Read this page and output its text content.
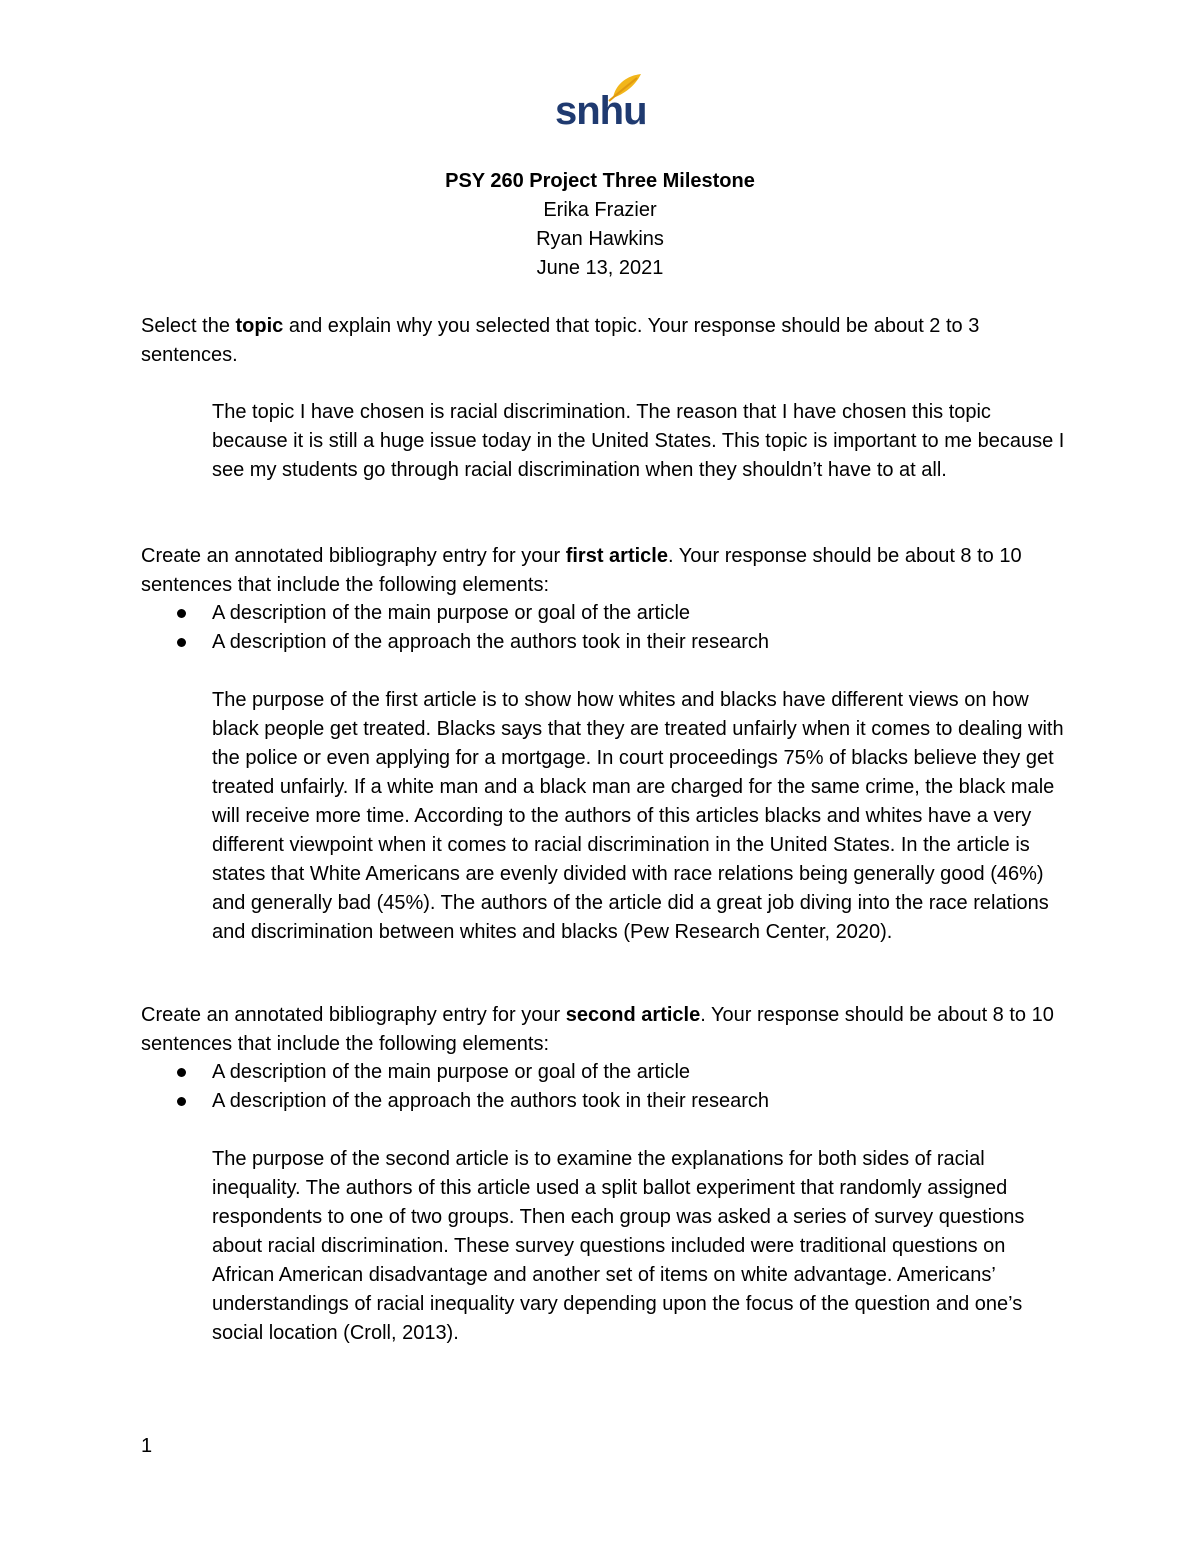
snhu
PSY 260 Project Three Milestone
Erika Frazier
Ryan Hawkins
June 13, 2021
Select the topic and explain why you selected that topic. Your response should be about 2 to 3 sentences.
The topic I have chosen is racial discrimination. The reason that I have chosen this topic because it is still a huge issue today in the United States. This topic is important to me because I see my students go through racial discrimination when they shouldn’t have to at all.
Create an annotated bibliography entry for your first article. Your response should be about 8 to 10 sentences that include the following elements:
A description of the main purpose or goal of the article
A description of the approach the authors took in their research
The purpose of the first article is to show how whites and blacks have different views on how black people get treated. Blacks says that they are treated unfairly when it comes to dealing with the police or even applying for a mortgage. In court proceedings 75% of blacks believe they get treated unfairly. If a white man and a black man are charged for the same crime, the black male will receive more time. According to the authors of this articles blacks and whites have a very different viewpoint when it comes to racial discrimination in the United States. In the article is states that White Americans are evenly divided with race relations being generally good (46%) and generally bad (45%). The authors of the article did a great job diving into the race relations and discrimination between whites and blacks (Pew Research Center, 2020).
Create an annotated bibliography entry for your second article. Your response should be about 8 to 10 sentences that include the following elements:
A description of the main purpose or goal of the article
A description of the approach the authors took in their research
The purpose of the second article is to examine the explanations for both sides of racial inequality. The authors of this article used a split ballot experiment that randomly assigned respondents to one of two groups. Then each group was asked a series of survey questions about racial discrimination. These survey questions included were traditional questions on African American disadvantage and another set of items on white advantage. Americans’ understandings of racial inequality vary depending upon the focus of the question and one’s social location (Croll, 2013).
1
